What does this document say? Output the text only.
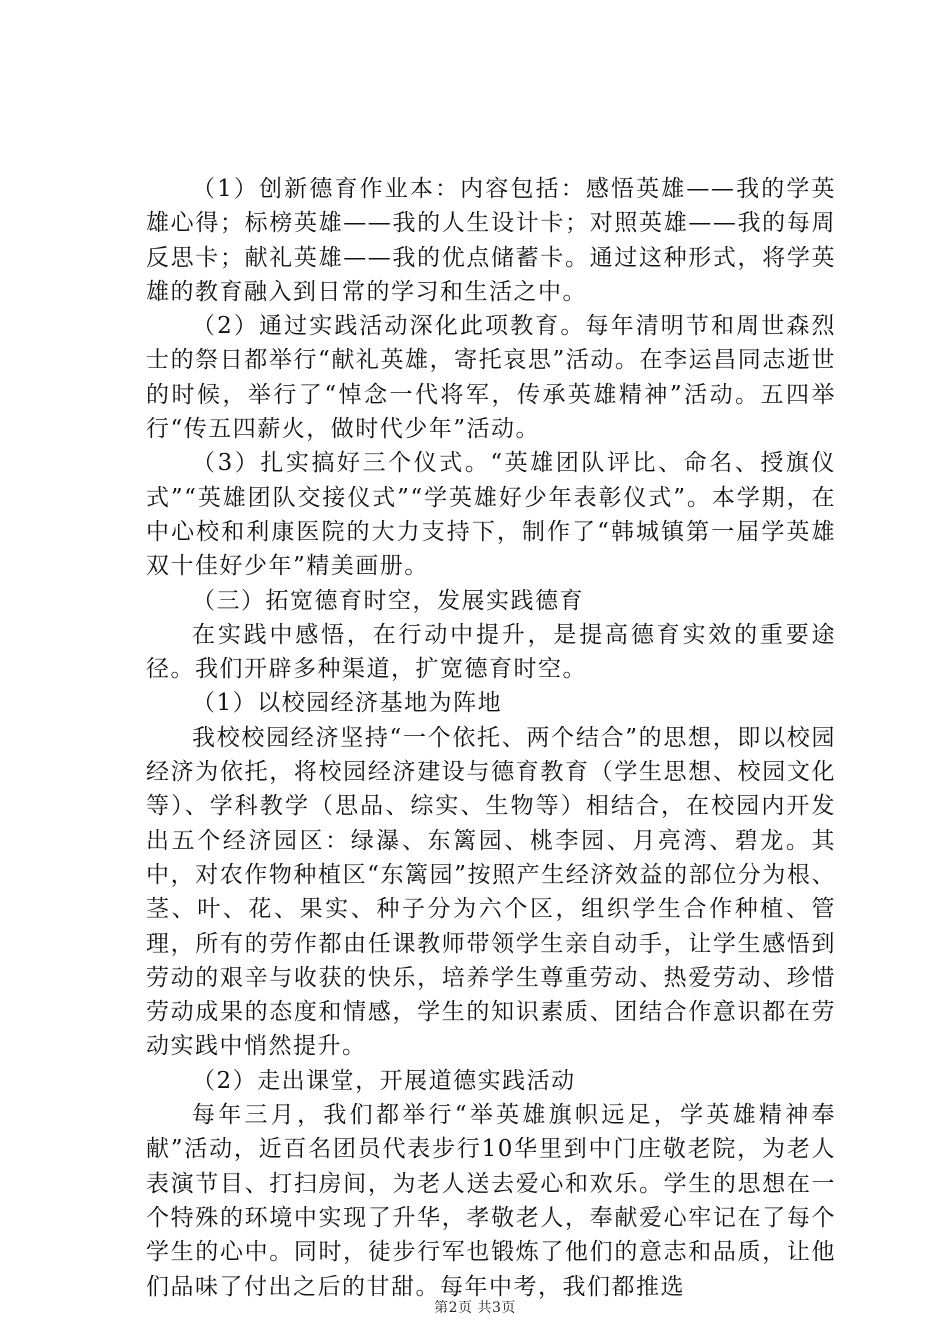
（1）创新德育作业本：内容包括：感悟英雄——我的学英雄心得；标榜英雄——我的人生设计卡；对照英雄——我的每周反思卡；献礼英雄——我的优点储蓄卡。通过这种形式，将学英雄的教育融入到日常的学习和生活之中。

（2）通过实践活动深化此项教育。每年清明节和周世森烈士的祭日都举行“献礼英雄，寄托哀思”活动。在李运昌同志逝世的时候，举行了“悼念一代将军，传承英雄精神”活动。五四举行“传五四薪火，做时代少年”活动。

（3）扎实搞好三个仪式。“英雄团队评比、命名、授旗仪式”“英雄团队交接仪式”“学英雄好少年表彰仪式”。本学期，在中心校和利康医院的大力支持下，制作了“韩城镇第一届学英雄双十佳好少年”精美画册。

（三）拓宽德育时空，发展实践德育

在实践中感悟，在行动中提升，是提高德育实效的重要途径。我们开辟多种渠道，扩宽德育时空。

（1）以校园经济基地为阵地

我校校园经济坚持“一个依托、两个结合”的思想，即以校园经济为依托，将校园经济建设与德育教育（学生思想、校园文化等）、学科教学（思品、综实、生物等）相结合，在校园内开发出五个经济园区：绿瀑、东篱园、桃李园、月亮湾、碧龙。其中，对农作物种植区“东篱园”按照产生经济效益的部位分为根、茎、叶、花、果实、种子分为六个区，组织学生合作种植、管理，所有的劳作都由任课教师带领学生亲自动手，让学生感悟到劳动的艰辛与收获的快乐，培养学生尊重劳动、热爱劳动、珍惜劳动成果的态度和情感，学生的知识素质、团结合作意识都在劳动实践中悄然提升。

（2）走出课堂，开展道德实践活动

每年三月，我们都举行“举英雄旗帜远足，学英雄精神奉献”活动，近百名团员代表步行10华里到中门庄敬老院，为老人表演节目、打扫房间，为老人送去爱心和欢乐。学生的思想在一个特殊的环境中实现了升华，孝敬老人，奉献爱心牢记在了每个学生的心中。同时，徒步行军也锻炼了他们的意志和品质，让他们品味了付出之后的甘甜。每年中考，我们都推选

第2页 共3页
